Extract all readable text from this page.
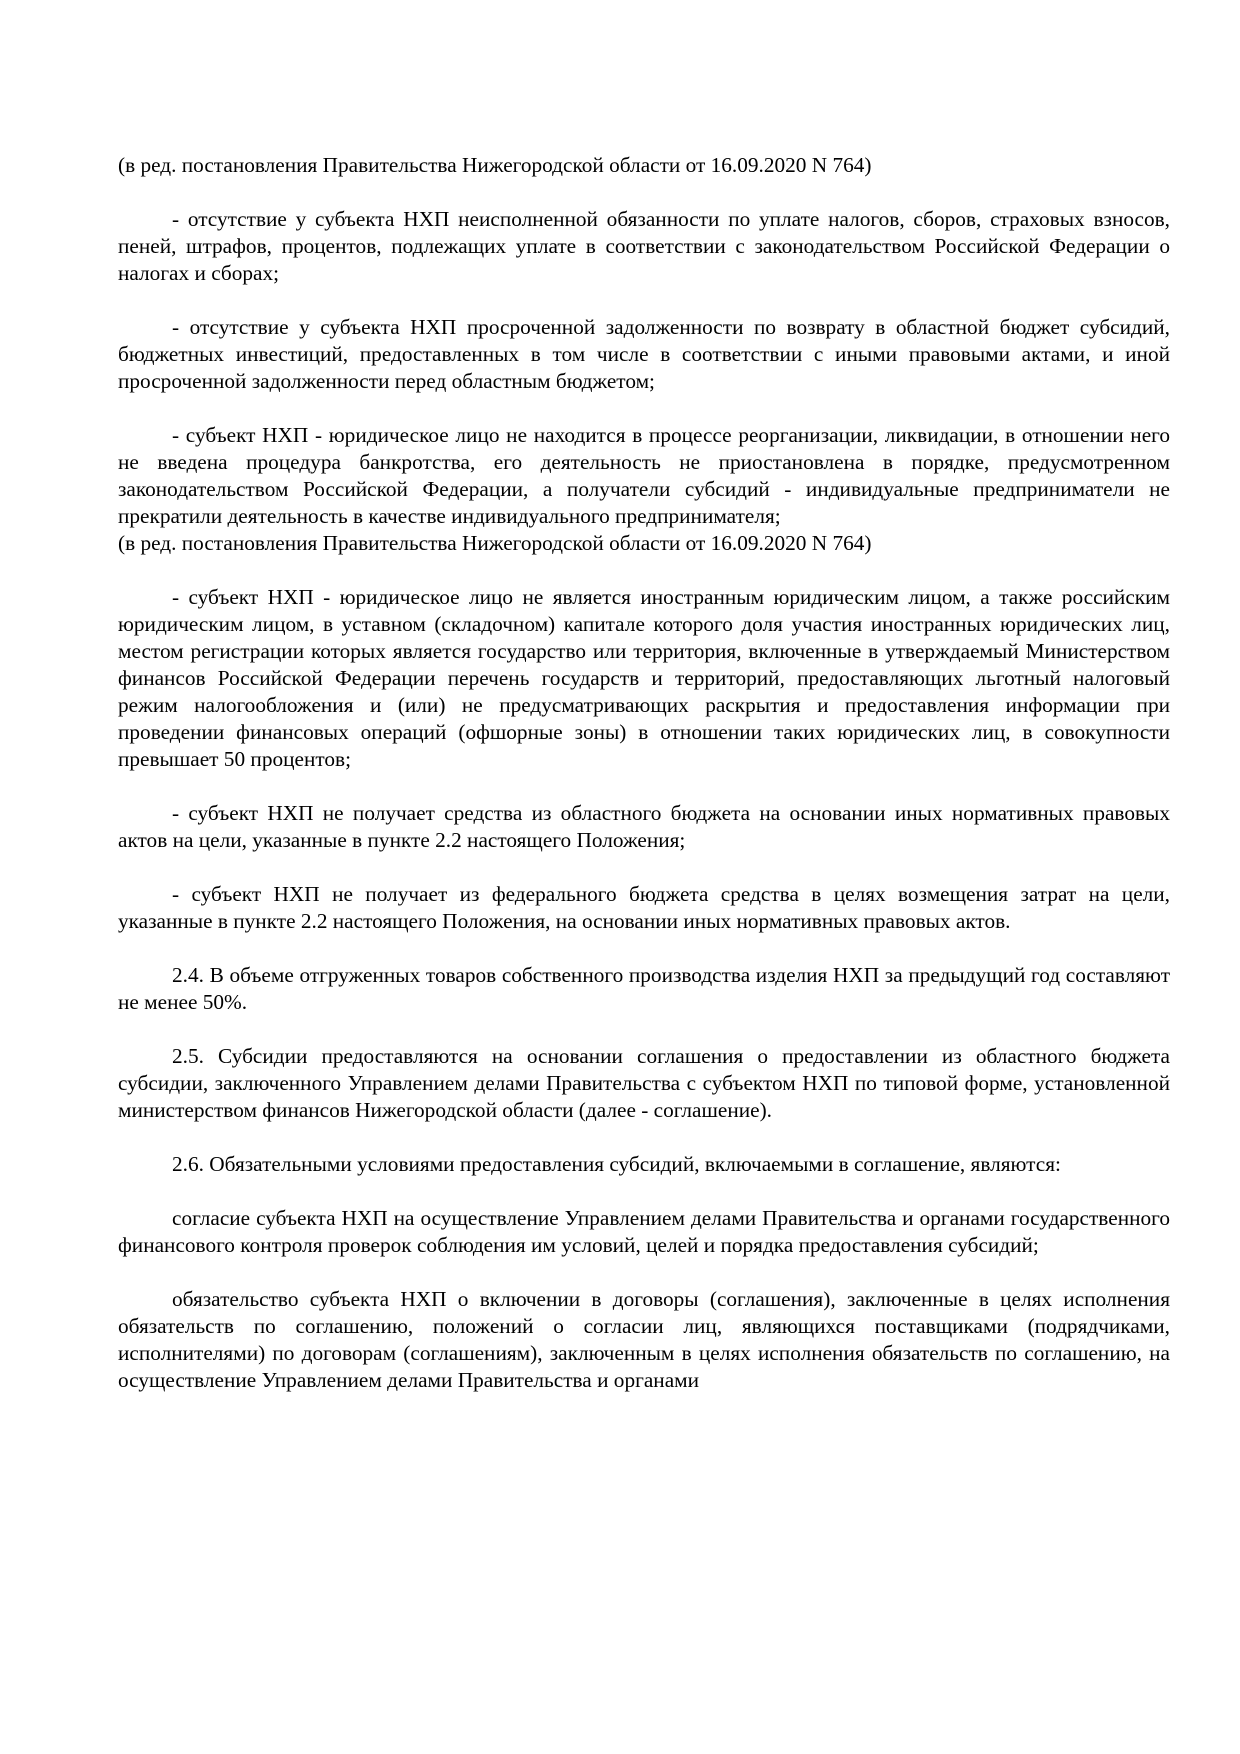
(в ред. постановления Правительства Нижегородской области от 16.09.2020 N 764)

- отсутствие у субъекта НХП неисполненной обязанности по уплате налогов, сборов, страховых взносов, пеней, штрафов, процентов, подлежащих уплате в соответствии с законодательством Российской Федерации о налогах и сборах;

- отсутствие у субъекта НХП просроченной задолженности по возврату в областной бюджет субсидий, бюджетных инвестиций, предоставленных в том числе в соответствии с иными правовыми актами, и иной просроченной задолженности перед областным бюджетом;

- субъект НХП - юридическое лицо не находится в процессе реорганизации, ликвидации, в отношении него не введена процедура банкротства, его деятельность не приостановлена в порядке, предусмотренном законодательством Российской Федерации, а получатели субсидий - индивидуальные предприниматели не прекратили деятельность в качестве индивидуального предпринимателя;

(в ред. постановления Правительства Нижегородской области от 16.09.2020 N 764)

- субъект НХП - юридическое лицо не является иностранным юридическим лицом, а также российским юридическим лицом, в уставном (складочном) капитале которого доля участия иностранных юридических лиц, местом регистрации которых является государство или территория, включенные в утверждаемый Министерством финансов Российской Федерации перечень государств и территорий, предоставляющих льготный налоговый режим налогообложения и (или) не предусматривающих раскрытия и предоставления информации при проведении финансовых операций (офшорные зоны) в отношении таких юридических лиц, в совокупности превышает 50 процентов;

- субъект НХП не получает средства из областного бюджета на основании иных нормативных правовых актов на цели, указанные в пункте 2.2 настоящего Положения;

- субъект НХП не получает из федерального бюджета средства в целях возмещения затрат на цели, указанные в пункте 2.2 настоящего Положения, на основании иных нормативных правовых актов.

2.4. В объеме отгруженных товаров собственного производства изделия НХП за предыдущий год составляют не менее 50%.

2.5. Субсидии предоставляются на основании соглашения о предоставлении из областного бюджета субсидии, заключенного Управлением делами Правительства с субъектом НХП по типовой форме, установленной министерством финансов Нижегородской области (далее - соглашение).

2.6. Обязательными условиями предоставления субсидий, включаемыми в соглашение, являются:

согласие субъекта НХП на осуществление Управлением делами Правительства и органами государственного финансового контроля проверок соблюдения им условий, целей и порядка предоставления субсидий;

обязательство субъекта НХП о включении в договоры (соглашения), заключенные в целях исполнения обязательств по соглашению, положений о согласии лиц, являющихся поставщиками (подрядчиками, исполнителями) по договорам (соглашениям), заключенным в целях исполнения обязательств по соглашению, на осуществление Управлением делами Правительства и органами
